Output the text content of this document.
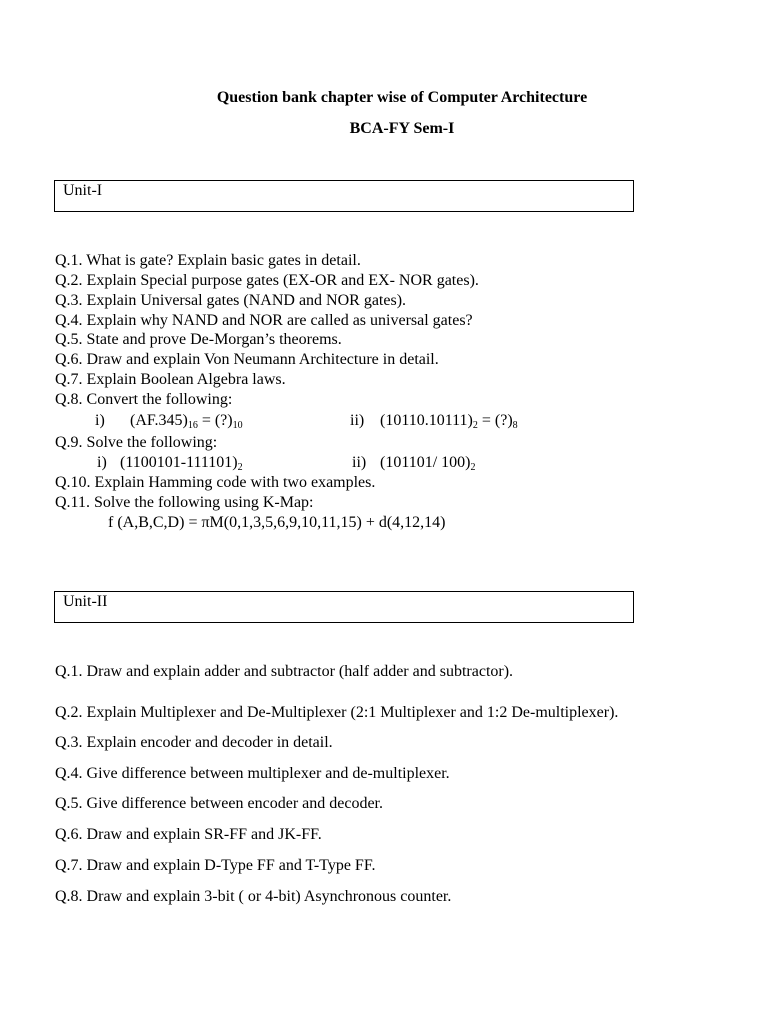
Question bank chapter wise of Computer Architecture
BCA-FY Sem-I
Unit-I
Q.1. What is gate? Explain basic gates in detail.
Q.2. Explain Special purpose gates (EX-OR and EX- NOR gates).
Q.3. Explain Universal gates (NAND and NOR gates).
Q.4. Explain why NAND and NOR are called as universal gates?
Q.5. State and prove De-Morgan’s theorems.
Q.6. Draw and explain Von Neumann Architecture in detail.
Q.7. Explain Boolean Algebra laws.
Q.8. Convert the following:
i) (AF.345)16 = (?)10	ii) (10110.10111)2 = (?)8
Q.9. Solve the following:
i) (1100101-111101)2	ii) (101101/ 100)2
Q.10. Explain Hamming code with two examples.
Q.11. Solve the following using K-Map:
f (A,B,C,D) = πM(0,1,3,5,6,9,10,11,15) + d(4,12,14)
Unit-II
Q.1. Draw and explain adder and subtractor (half adder and subtractor).
Q.2. Explain Multiplexer and De-Multiplexer (2:1 Multiplexer and 1:2 De-multiplexer).
Q.3. Explain encoder and decoder in detail.
Q.4. Give difference between multiplexer and de-multiplexer.
Q.5. Give difference between encoder and decoder.
Q.6. Draw and explain SR-FF and JK-FF.
Q.7. Draw and explain D-Type FF and T-Type FF.
Q.8. Draw and explain 3-bit ( or 4-bit) Asynchronous counter.
